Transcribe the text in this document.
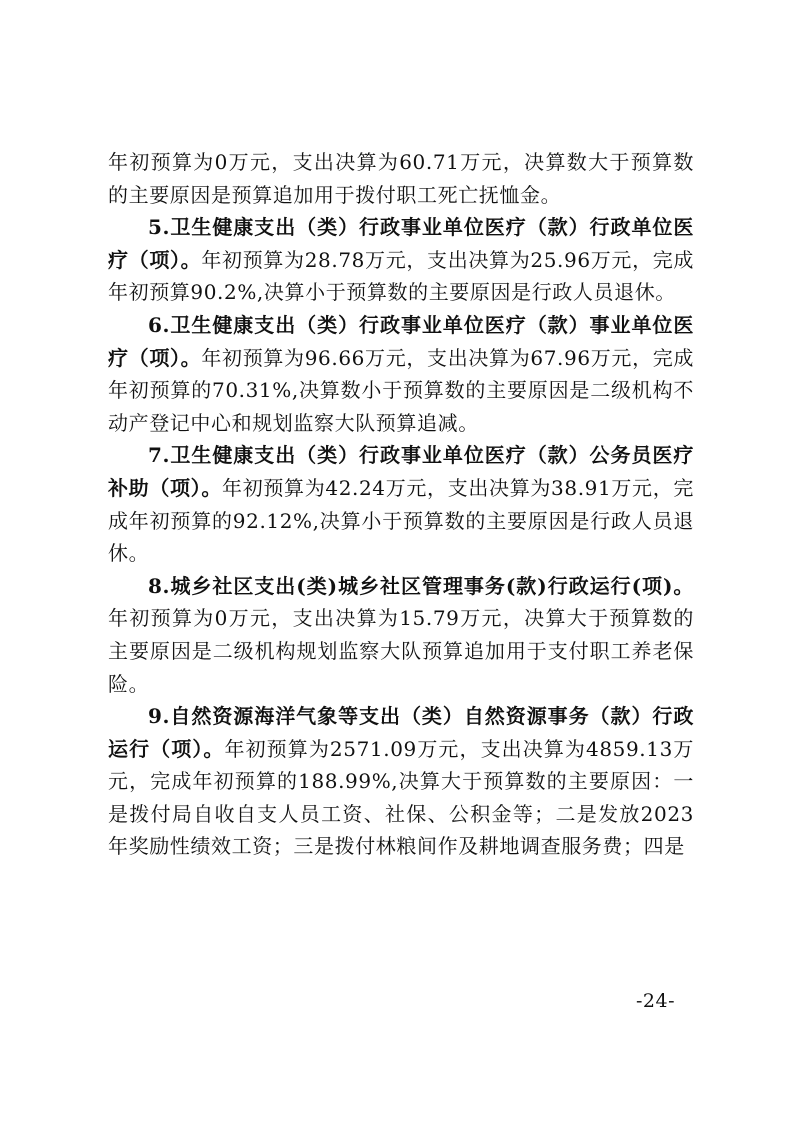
年初预算为0万元，支出决算为60.71万元，决算数大于预算数的主要原因是预算追加用于拨付职工死亡抚恤金。

5.卫生健康支出（类）行政事业单位医疗（款）行政单位医疗（项）。年初预算为28.78万元，支出决算为25.96万元，完成年初预算90.2%,决算小于预算数的主要原因是行政人员退休。

6.卫生健康支出（类）行政事业单位医疗（款）事业单位医疗（项）。年初预算为96.66万元，支出决算为67.96万元，完成年初预算的70.31%,决算数小于预算数的主要原因是二级机构不动产登记中心和规划监察大队预算追减。

7.卫生健康支出（类）行政事业单位医疗（款）公务员医疗补助（项）。年初预算为42.24万元，支出决算为38.91万元，完成年初预算的92.12%,决算小于预算数的主要原因是行政人员退休。

8.城乡社区支出(类)城乡社区管理事务(款)行政运行(项)。年初预算为0万元，支出决算为15.79万元，决算大于预算数的主要原因是二级机构规划监察大队预算追加用于支付职工养老保险。

9.自然资源海洋气象等支出（类）自然资源事务（款）行政运行（项）。年初预算为2571.09万元，支出决算为4859.13万元，完成年初预算的188.99%,决算大于预算数的主要原因：一是拨付局自收自支人员工资、社保、公积金等；二是发放2023年奖励性绩效工资；三是拨付林粮间作及耕地调查服务费；四是

-24-
